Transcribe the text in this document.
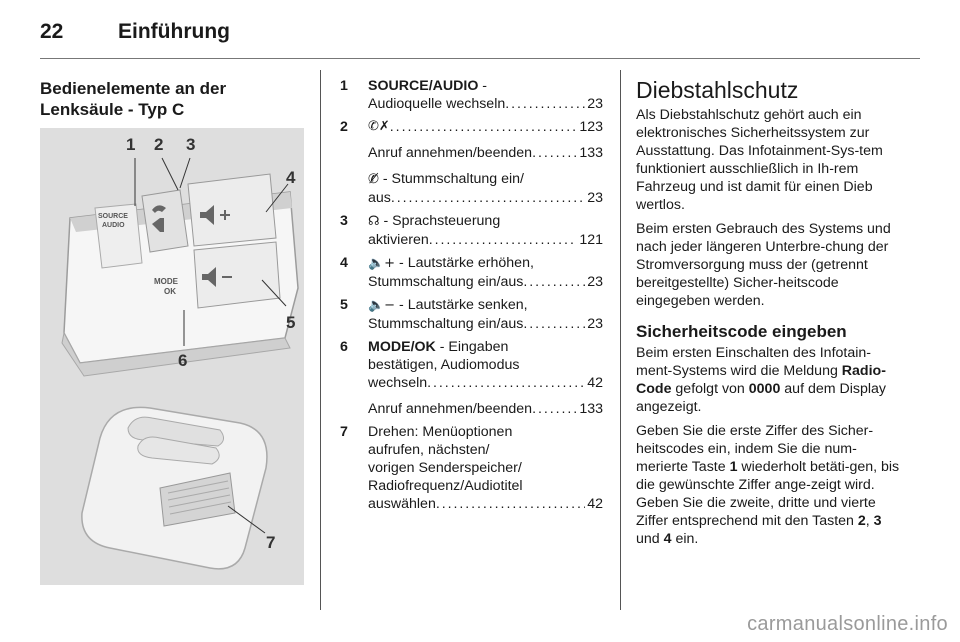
22	Einführung
Bedienelemente an der
Lenksäule - Typ C
SOURCE
AUDIO
MODE
OK
1 2 3
4
5
6
7
1 SOURCE/AUDIO -
Audioquelle wechseln . . .	23
2 ✆✗ . . .	123
Anruf annehmen/beenden . . .	133
✆̸ - Stummschaltung ein/
aus . . .	23
3 ☊ - Sprachsteuerung
aktivieren . . .	121
4 🔈+ - Lautstärke erhöhen,
Stummschaltung ein/aus . . .	23
5 🔈− - Lautstärke senken,
Stummschaltung ein/aus . . .	23
6 MODE/OK - Eingaben
bestätigen, Audiomodus
wechseln . . .	42
Anruf annehmen/beenden . . .	133
7 Drehen: Menüoptionen
aufrufen, nächsten/
vorigen Senderspeicher/
Radiofrequenz/Audiotitel
auswählen . . .	42
Diebstahlschutz

Als Diebstahlschutz gehört auch ein elektronisches Sicherheitssystem zur Ausstattung. Das Infotainment-Sys-tem funktioniert ausschließlich in Ih-rem Fahrzeug und ist damit für einen Dieb wertlos.

Beim ersten Gebrauch des Systems und nach jeder längeren Unterbre-chung der Stromversorgung muss der (getrennt bereitgestellte) Sicher-heitscode eingegeben werden.

Sicherheitscode eingeben

Beim ersten Einschalten des Infotain-ment-Systems wird die Meldung Radio-Code gefolgt von 0000 auf dem Display angezeigt.

Geben Sie die erste Ziffer des Sicher-heitscodes ein, indem Sie die num-merierte Taste 1 wiederholt betäti-gen, bis die gewünschte Ziffer ange-zeigt wird. Geben Sie die zweite, dritte und vierte Ziffer entsprechend mit den Tasten 2, 3 und 4 ein.

carmanualsonline.info
